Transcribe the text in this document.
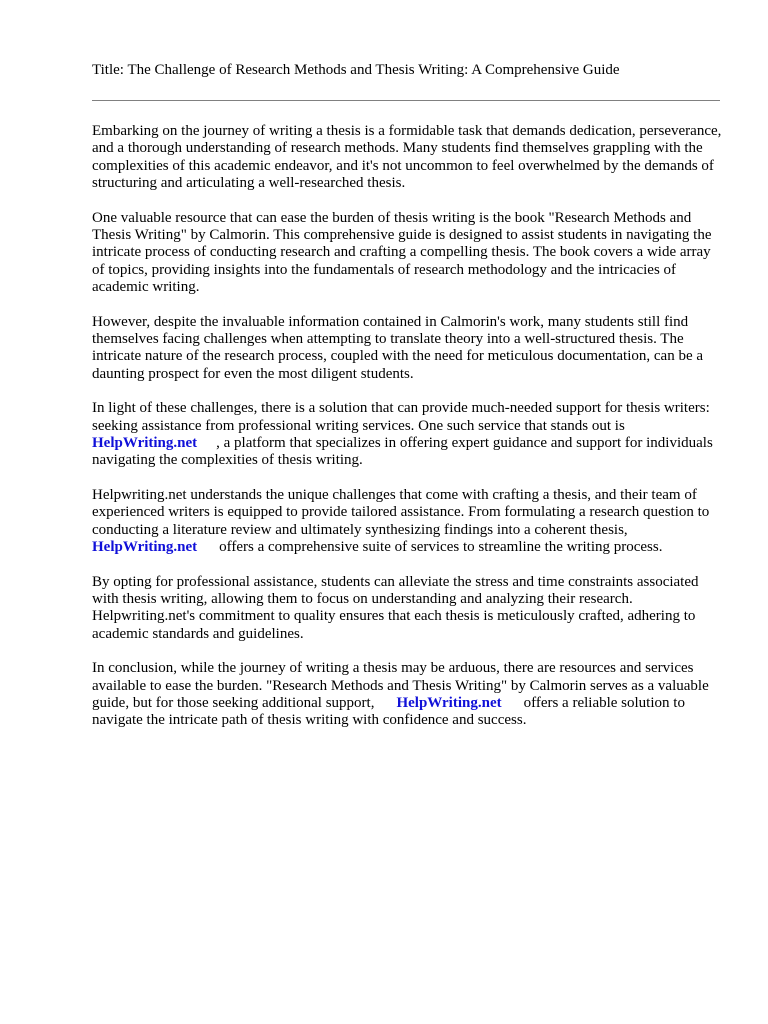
Title: The Challenge of Research Methods and Thesis Writing: A Comprehensive Guide

Embarking on the journey of writing a thesis is a formidable task that demands dedication, perseverance, and a thorough understanding of research methods. Many students find themselves grappling with the complexities of this academic endeavor, and it's not uncommon to feel overwhelmed by the demands of structuring and articulating a well-researched thesis.

One valuable resource that can ease the burden of thesis writing is the book "Research Methods and Thesis Writing" by Calmorin. This comprehensive guide is designed to assist students in navigating the intricate process of conducting research and crafting a compelling thesis. The book covers a wide array of topics, providing insights into the fundamentals of research methodology and the intricacies of academic writing.

However, despite the invaluable information contained in Calmorin's work, many students still find themselves facing challenges when attempting to translate theory into a well-structured thesis. The intricate nature of the research process, coupled with the need for meticulous documentation, can be a daunting prospect for even the most diligent students.

In light of these challenges, there is a solution that can provide much-needed support for thesis writers: seeking assistance from professional writing services. One such service that stands out is
HelpWriting.net , a platform that specializes in offering expert guidance and support for individuals navigating the complexities of thesis writing.

Helpwriting.net understands the unique challenges that come with crafting a thesis, and their team of experienced writers is equipped to provide tailored assistance. From formulating a research question to conducting a literature review and ultimately synthesizing findings into a coherent thesis,
HelpWriting.net offers a comprehensive suite of services to streamline the writing process.

By opting for professional assistance, students can alleviate the stress and time constraints associated with thesis writing, allowing them to focus on understanding and analyzing their research. Helpwriting.net's commitment to quality ensures that each thesis is meticulously crafted, adhering to academic standards and guidelines.

In conclusion, while the journey of writing a thesis may be arduous, there are resources and services available to ease the burden. "Research Methods and Thesis Writing" by Calmorin serves as a valuable guide, but for those seeking additional support, HelpWriting.net offers a reliable solution to navigate the intricate path of thesis writing with confidence and success.
